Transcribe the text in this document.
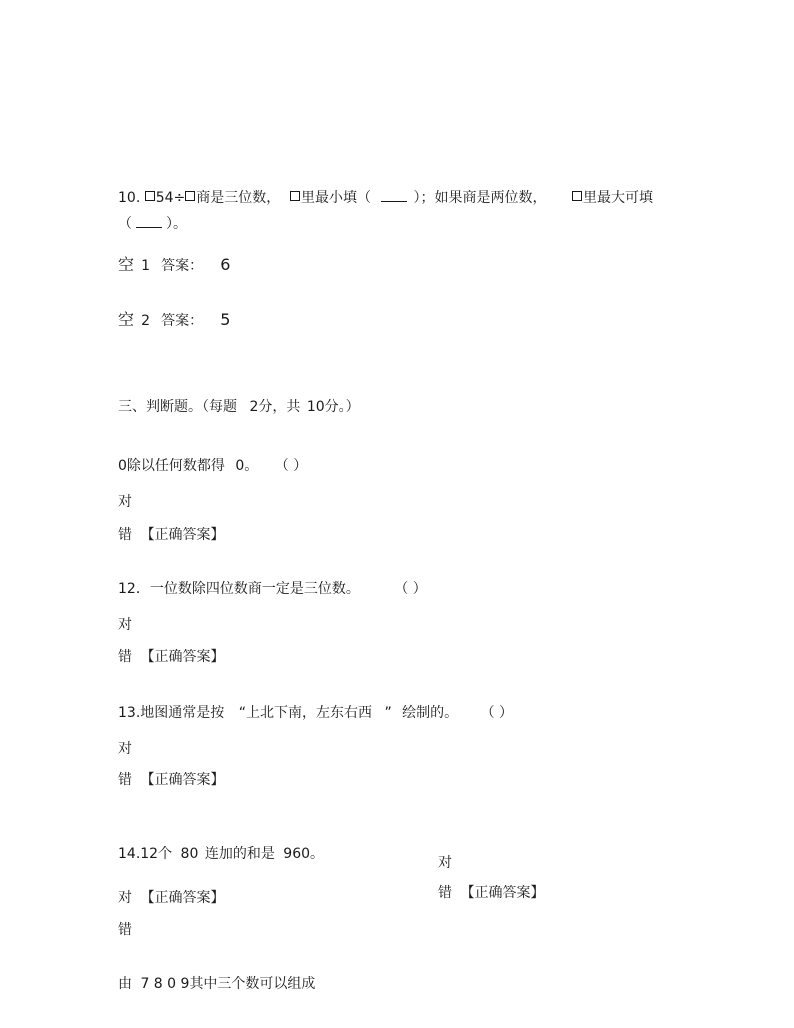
10. 54÷ 商是三位数，	里最小填（	）；如果商是两位数，	里最大可填
（ ）。
空 1 答案： 6
空 2 答案： 5
三、判断题。（每题 2分，共 10分。）
0除以任何数都得 0。 （ ）
对
错 【正确答案】
12．一位数除四位数商一定是三位数。 （ ）
对
错 【正确答案】
13.地图通常是按 “上北下南，左东右西 ” 绘制的。 （ ）
对
错 【正确答案】
14.12个 80 连加的和是 960。
对
对 【正确答案】	错 【正确答案】
错
由 7 8 0 9其中三个数可以组成
